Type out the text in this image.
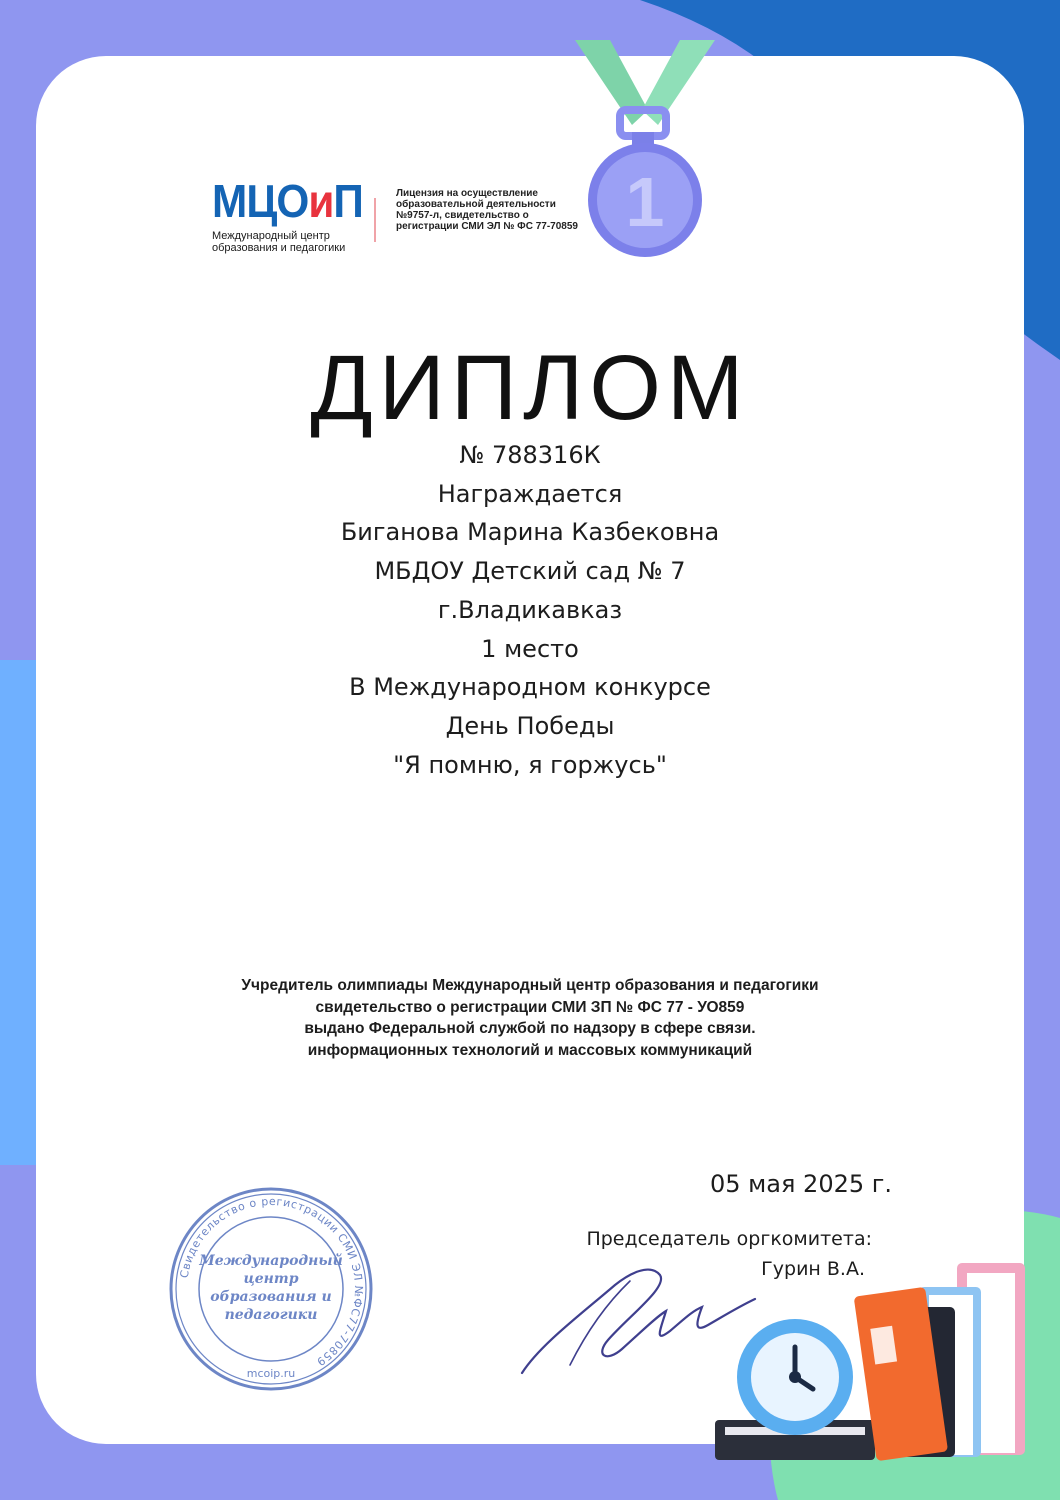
1
МЦОиП
Международный центр образования и педагогики
Лицензия на осуществление образовательной деятельности №9757-л, свидетельство о регистрации СМИ ЭЛ № ФС 77-70859
ДИПЛОМ
№ 788316К
Награждается
Биганова Марина Казбековна
МБДОУ Детский сад № 7
г.Владикавказ
1 место
В Международном конкурсе
День Победы
"Я помню, я горжусь"
Учредитель олимпиады Международный центр образования и педагогики
свидетельство о регистрации СМИ ЗП № ФС 77 - УО859
выдано Федеральной службой по надзору в сфере связи.
информационных технологий и массовых коммуникаций
05 мая 2025 г.
Свидетельство о регистрации СМИ ЭЛ №ФС77-70859
Международный
центр
образования и
педагогики
mcoip.ru
Председатель оргкомитета:
Гурин В.А.
